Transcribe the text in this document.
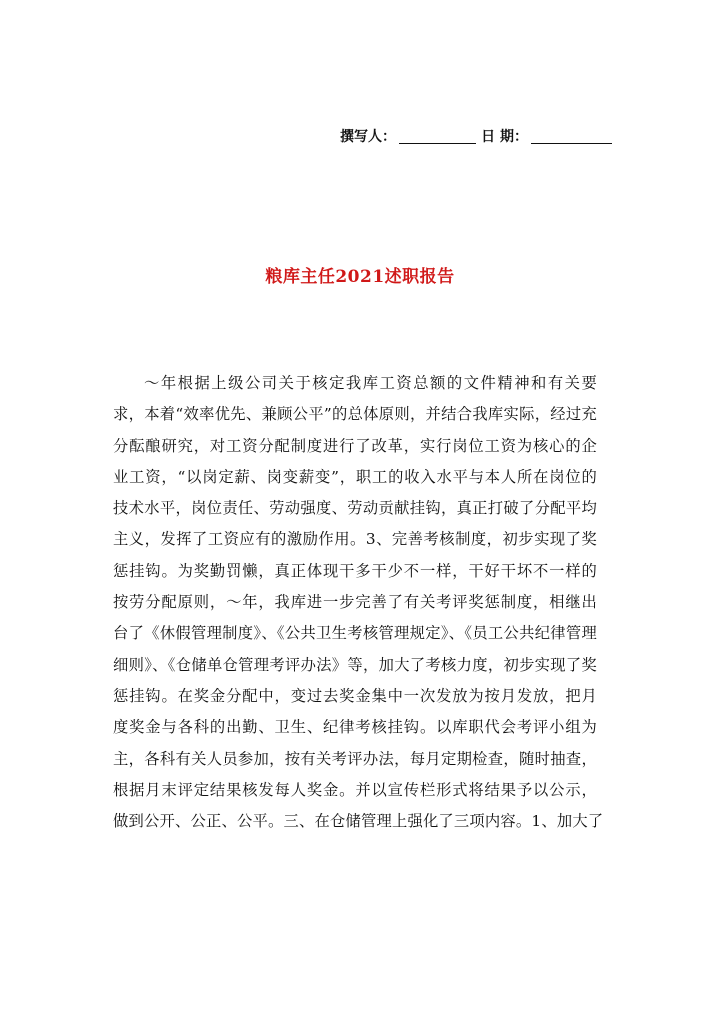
撰写人：	日 期：
粮库主任2021述职报告
～年根据上级公司关于核定我库工资总额的文件精神和有关要
求，本着“效率优先、兼顾公平”的总体原则，并结合我库实际，经过充
分酝酿研究，对工资分配制度进行了改革，实行岗位工资为核心的企
业工资，“以岗定薪、岗变薪变”，职工的收入水平与本人所在岗位的
技术水平，岗位责任、劳动强度、劳动贡献挂钩，真正打破了分配平均
主义，发挥了工资应有的激励作用。3、完善考核制度，初步实现了奖
惩挂钩。为奖勤罚懒，真正体现干多干少不一样，干好干坏不一样的
按劳分配原则，～年，我库进一步完善了有关考评奖惩制度，相继出
台了《休假管理制度》、《公共卫生考核管理规定》、《员工公共纪律管理
细则》、《仓储单仓管理考评办法》等，加大了考核力度，初步实现了奖
惩挂钩。在奖金分配中，变过去奖金集中一次发放为按月发放，把月
度奖金与各科的出勤、卫生、纪律考核挂钩。以库职代会考评小组为
主，各科有关人员参加，按有关考评办法，每月定期检查，随时抽查，
根据月末评定结果核发每人奖金。并以宣传栏形式将结果予以公示，
做到公开、公正、公平。三、在仓储管理上强化了三项内容。1、加大了
